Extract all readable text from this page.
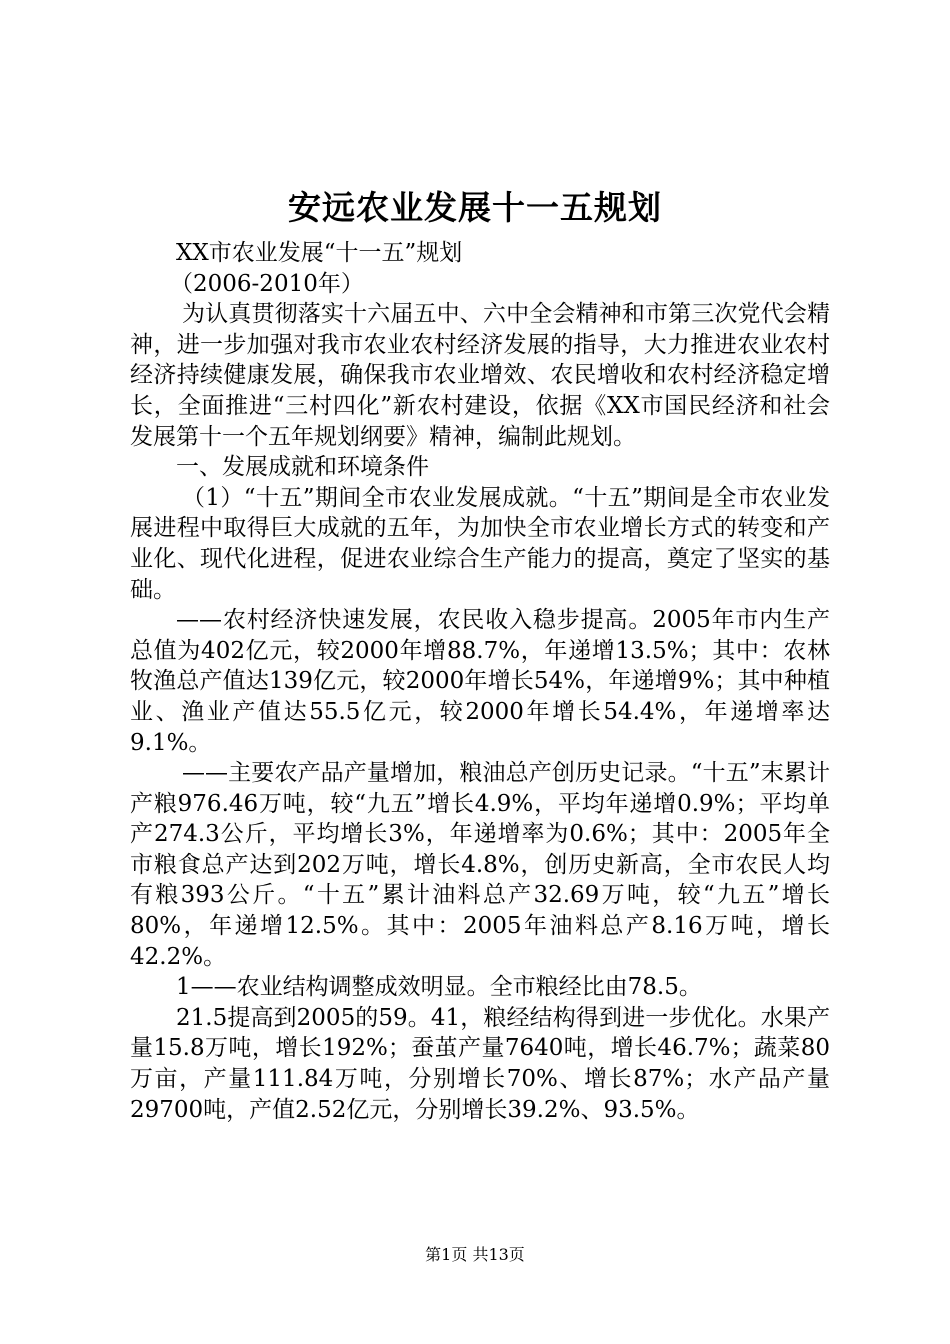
安远农业发展十一五规划

XX市农业发展“十一五”规划

（2006-2010年）

为认真贯彻落实十六届五中、六中全会精神和市第三次党代会精神，进一步加强对我市农业农村经济发展的指导，大力推进农业农村经济持续健康发展，确保我市农业增效、农民增收和农村经济稳定增长，全面推进“三村四化”新农村建设，依据《XX市国民经济和社会发展第十一个五年规划纲要》精神，编制此规划。

一、发展成就和环境条件

（1）“十五”期间全市农业发展成就。“十五”期间是全市农业发展进程中取得巨大成就的五年，为加快全市农业增长方式的转变和产业化、现代化进程，促进农业综合生产能力的提高，奠定了坚实的基础。

——农村经济快速发展，农民收入稳步提高。2005年市内生产总值为402亿元，较2000年增88.7%，年递增13.5%；其中：农林牧渔总产值达139亿元，较2000年增长54%，年递增9%；其中种植业、渔业产值达55.5亿元，较2000年增长54.4%，年递增率达9.1%。

——主要农产品产量增加，粮油总产创历史记录。“十五”末累计产粮976.46万吨，较“九五”增长4.9%，平均年递增0.9%；平均单产274.3公斤，平均增长3%，年递增率为0.6%；其中：2005年全市粮食总产达到202万吨，增长4.8%，创历史新高，全市农民人均有粮393公斤。“十五”累计油料总产32.69万吨，较“九五”增长80%，年递增12.5%。其中：2005年油料总产8.16万吨，增长42.2%。

1——农业结构调整成效明显。全市粮经比由78.5。

21.5提高到2005的59。41，粮经结构得到进一步优化。水果产量15.8万吨，增长192%；蚕茧产量7640吨，增长46.7%；蔬菜80万亩，产量111.84万吨，分别增长70%、增长87%；水产品产量29700吨，产值2.52亿元，分别增长39.2%、93.5%。

第1页 共13页
